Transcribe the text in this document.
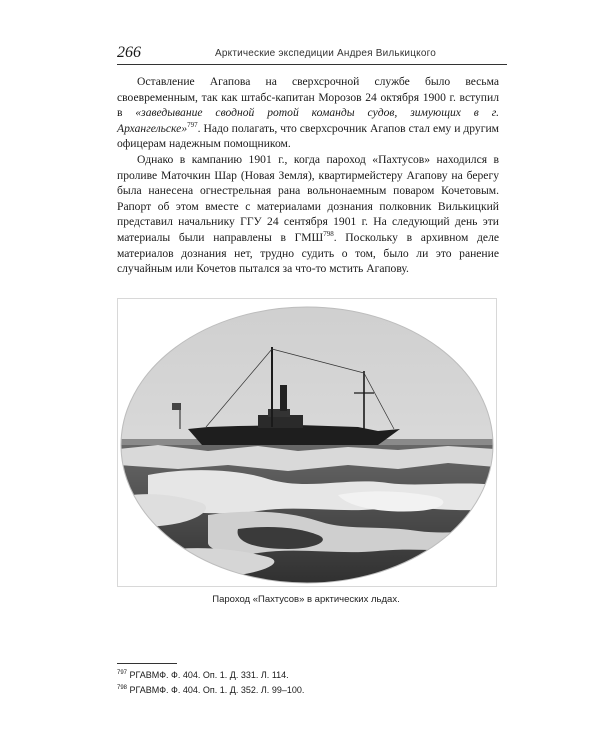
266	Арктические экспедиции Андрея Вилькицкого

Оставление Агапова на сверхсрочной службе было весьма своевременным, так как штабс-капитан Морозов 24 октября 1900 г. вступил в «заведывание сводной ротой команды судов, зимующих в г. Архангельске»$^{797}$. Надо полагать, что сверхсрочник Агапов стал ему и другим офицерам надежным помощником.

Однако в кампанию 1901 г., когда пароход «Пахтусов» находился в проливе Маточкин Шар (Новая Земля), квартирмейстеру Агапову на берегу была нанесена огнестрельная рана вольнонаемным поваром Кочетовым. Рапорт об этом вместе с материалами дознания полковник Вилькицкий представил начальнику ГГУ 24 сентября 1901 г. На следующий день эти материалы были направлены в ГМШ$^{798}$. Поскольку в архивном деле материалов дознания нет, трудно судить о том, было ли это ранение случайным или Кочетов пытался за что-то мстить Агапову.

Пароход «Пахтусов» в арктических льдах.
$^{797}$ РГАВМФ. Ф. 404. Оп. 1. Д. 331. Л. 114.
$^{798}$ РГАВМФ. Ф. 404. Оп. 1. Д. 352. Л. 99–100.
